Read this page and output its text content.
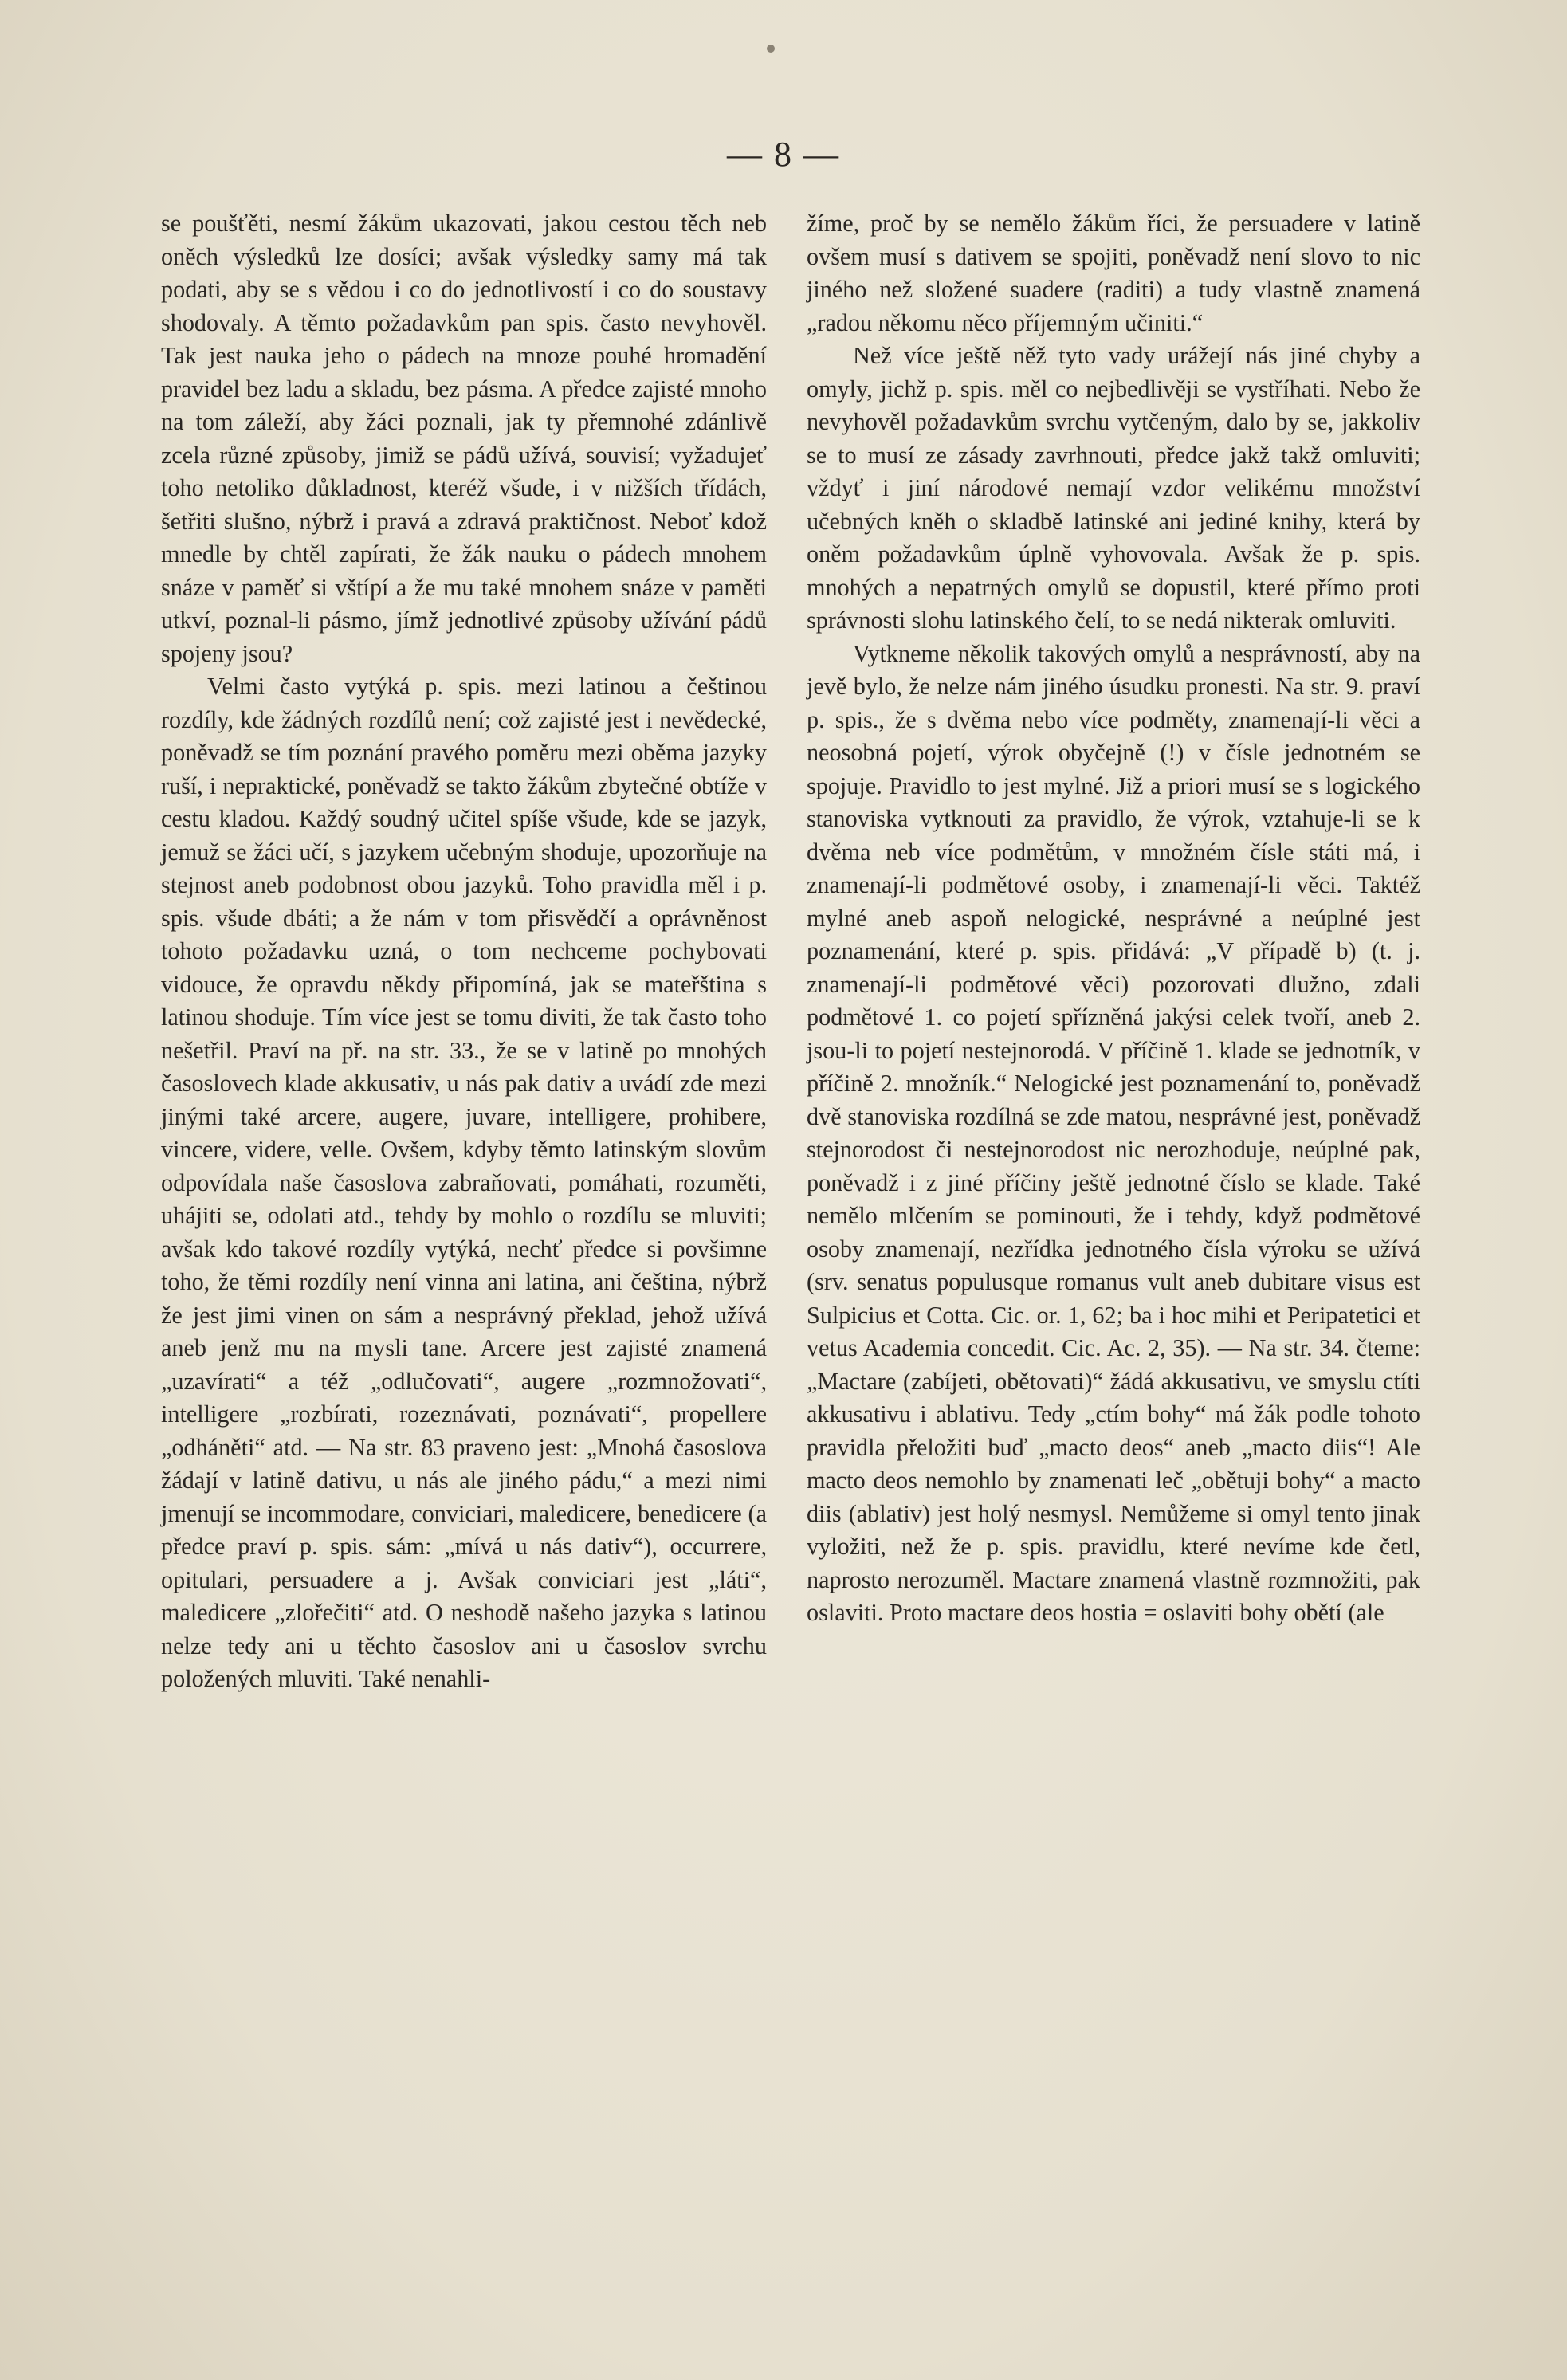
— 8 —

se poušťěti, nesmí žákům ukazovati, jakou cestou těch neb oněch výsledků lze dosíci; avšak výsledky samy má tak podati, aby se s vědou i co do jednotlivostí i co do soustavy shodovaly. A těmto požadavkům pan spis. často nevyhověl. Tak jest nauka jeho o pádech na mnoze pouhé hromadění pravidel bez ladu a skladu, bez pásma. A předce zajisté mnoho na tom záleží, aby žáci poznali, jak ty přemnohé zdánlivě zcela různé způsoby, jimiž se pádů užívá, souvisí; vyžadujeť toho netoliko důkladnost, kteréž všude, i v nižších třídách, šetřiti slušno, nýbrž i pravá a zdravá praktičnost. Neboť kdož mnedle by chtěl zapírati, že žák nauku o pádech mnohem snáze v paměť si vštípí a že mu také mnohem snáze v paměti utkví, poznal-li pásmo, jímž jednotlivé způsoby užívání pádů spojeny jsou?

Velmi často vytýká p. spis. mezi latinou a češtinou rozdíly, kde žádných rozdílů není; což zajisté jest i nevědecké, poněvadž se tím poznání pravého poměru mezi oběma jazyky ruší, i nepraktické, poněvadž se takto žákům zbytečné obtíže v cestu kladou. Každý soudný učitel spíše všude, kde se jazyk, jemuž se žáci učí, s jazykem učebným shoduje, upozorňuje na stejnost aneb podobnost obou jazyků. Toho pravidla měl i p. spis. všude dbáti; a že nám v tom přisvědčí a oprávněnost tohoto požadavku uzná, o tom nechceme pochybovati vidouce, že opravdu někdy připomíná, jak se mateřština s latinou shoduje. Tím více jest se tomu diviti, že tak často toho nešetřil. Praví na př. na str. 33., že se v latině po mnohých časoslovech klade akkusativ, u nás pak dativ a uvádí zde mezi jinými také arcere, augere, juvare, intelligere, prohibere, vincere, videre, velle. Ovšem, kdyby těmto latinským slovům odpovídala naše časoslova zabraňovati, pomáhati, rozuměti, uhájiti se, odolati atd., tehdy by mohlo o rozdílu se mluviti; avšak kdo takové rozdíly vytýká, nechť předce si povšimne toho, že těmi rozdíly není vinna ani latina, ani čeština, nýbrž že jest jimi vinen on sám a nesprávný překlad, jehož užívá aneb jenž mu na mysli tane. Arcere jest zajisté znamená „uzavírati“ a též „odlučovati“, augere „rozmnožovati“, intelligere „rozbírati, rozeznávati, poznávati“, propellere „odháněti“ atd. — Na str. 83 praveno jest: „Mnohá časoslova žádají v latině dativu, u nás ale jiného pádu,“ a mezi nimi jmenují se incommodare, conviciari, maledicere, benedicere (a předce praví p. spis. sám: „mívá u nás dativ“), occurrere, opitulari, persuadere a j. Avšak conviciari jest „láti“, maledicere „zlořečiti“ atd. O neshodě našeho jazyka s latinou nelze tedy ani u těchto časoslov ani u časoslov svrchu položených mluviti. Také nenahli-

žíme, proč by se nemělo žákům říci, že persuadere v latině ovšem musí s dativem se spojiti, poněvadž není slovo to nic jiného než složené suadere (raditi) a tudy vlastně znamená „radou někomu něco příjemným učiniti.“

Než více ještě něž tyto vady urážejí nás jiné chyby a omyly, jichž p. spis. měl co nejbedlivěji se vystříhati. Nebo že nevyhověl požadavkům svrchu vytčeným, dalo by se, jakkoliv se to musí ze zásady zavrhnouti, předce jakž takž omluviti; vždyť i jiní národové nemají vzdor velikému množství učebných kněh o skladbě latinské ani jediné knihy, která by oněm požadavkům úplně vyhovovala. Avšak že p. spis. mnohých a nepatrných omylů se dopustil, které přímo proti správnosti slohu latinského čelí, to se nedá nikterak omluviti.

Vytkneme několik takových omylů a nesprávností, aby na jevě bylo, že nelze nám jiného úsudku pronesti. Na str. 9. praví p. spis., že s dvěma nebo více podměty, znamenají-li věci a neosobná pojetí, výrok obyčejně (!) v čísle jednotném se spojuje. Pravidlo to jest mylné. Již a priori musí se s logického stanoviska vytknouti za pravidlo, že výrok, vztahuje-li se k dvěma neb více podmětům, v množném čísle státi má, i znamenají-li podmětové osoby, i znamenají-li věci. Taktéž mylné aneb aspoň nelogické, nesprávné a neúplné jest poznamenání, které p. spis. přidává: „V případě b) (t. j. znamenají-li podmětové věci) pozorovati dlužno, zdali podmětové 1. co pojetí spřízněná jakýsi celek tvoří, aneb 2. jsou-li to pojetí nestejnorodá. V příčině 1. klade se jednotník, v příčině 2. množník.“ Nelogické jest poznamenání to, poněvadž dvě stanoviska rozdílná se zde matou, nesprávné jest, poněvadž stejnorodost či nestejnorodost nic nerozhoduje, neúplné pak, poněvadž i z jiné příčiny ještě jednotné číslo se klade. Také nemělo mlčením se pominouti, že i tehdy, když podmětové osoby znamenají, nezřídka jednotného čísla výroku se užívá (srv. senatus populusque romanus vult aneb dubitare visus est Sulpicius et Cotta. Cic. or. 1, 62; ba i hoc mihi et Peripatetici et vetus Academia concedit. Cic. Ac. 2, 35). — Na str. 34. čteme: „Mactare (zabíjeti, obětovati)“ žádá akkusativu, ve smyslu ctíti akkusativu i ablativu. Tedy „ctím bohy“ má žák podle tohoto pravidla přeložiti buď „macto deos“ aneb „macto diis“! Ale macto deos nemohlo by znamenati leč „obětuji bohy“ a macto diis (ablativ) jest holý nesmysl. Nemůžeme si omyl tento jinak vyložiti, než že p. spis. pravidlu, které nevíme kde četl, naprosto nerozuměl. Mactare znamená vlastně rozmnožiti, pak oslaviti. Proto mactare deos hostia = oslaviti bohy obětí (ale
